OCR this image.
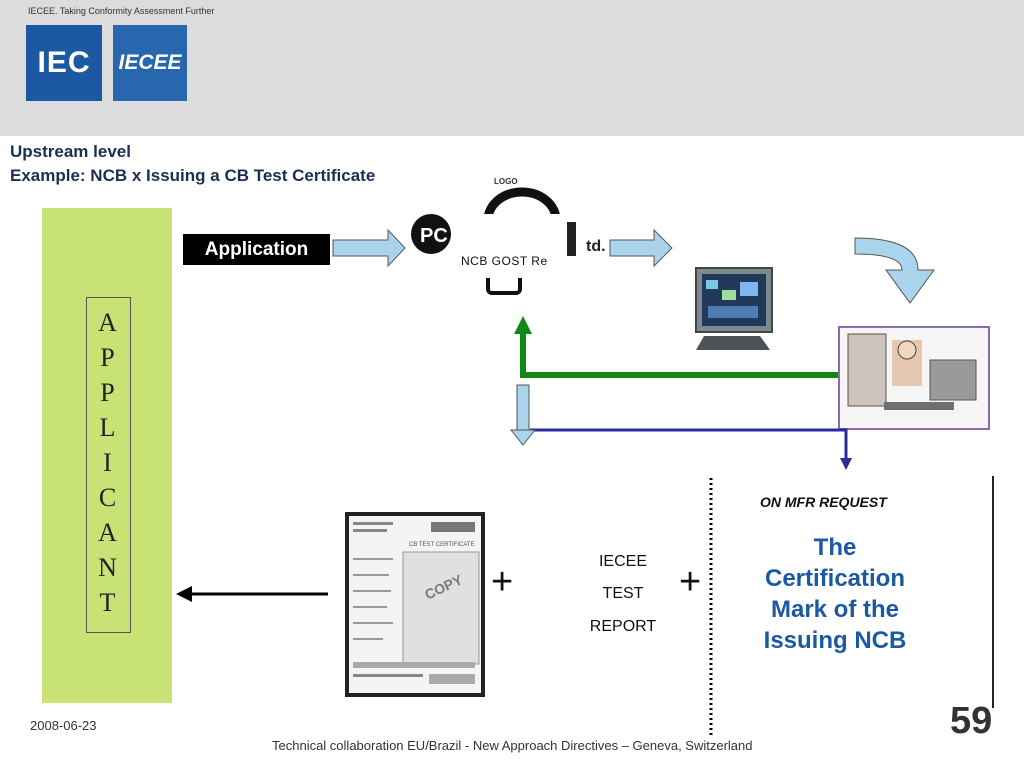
IECEE. Taking Conformity Assessment Further
IEC	IECEE
Upstream level
Example: NCB x Issuing a CB Test Certificate
A
P
P
L
I
C
A
N
T
Application
PC
+	+
LOGO
NCB GOST Re
td.
CB TEST CERTIFICATE
COPY
ON MFR REQUEST
IECEE
TEST
REPORT
The
Certification
Mark of the
Issuing NCB
2008-06-23
Technical collaboration EU/Brazil - New Approach Directives – Geneva, Switzerland
59
